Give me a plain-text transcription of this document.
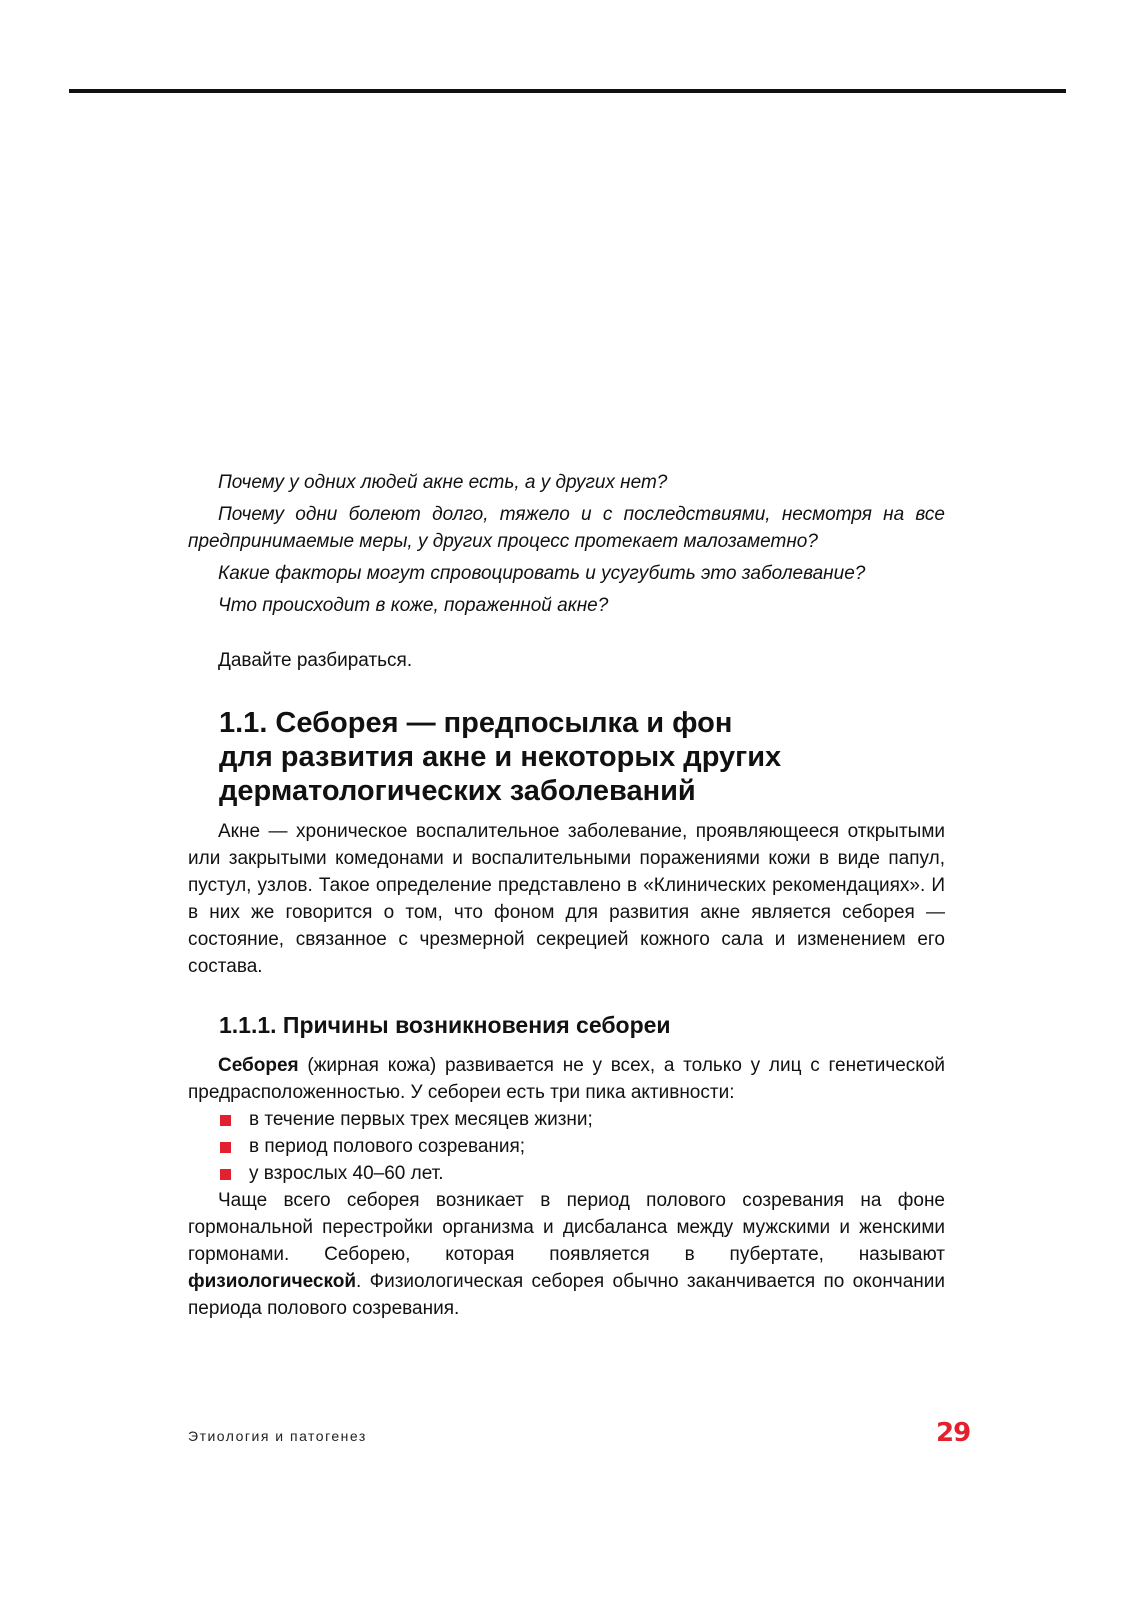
Почему у одних людей акне есть, а у других нет?
Почему одни болеют долго, тяжело и с последствиями, несмотря на все предпринимаемые меры, у других процесс протекает малозаметно?
Какие факторы могут спровоцировать и усугубить это заболевание?
Что происходит в коже, пораженной акне?
Давайте разбираться.
1.1. Себорея — предпосылка и фон
для развития акне и некоторых других
дерматологических заболеваний
Акне — хроническое воспалительное заболевание, проявляющееся открытыми или закрытыми комедонами и воспалительными поражениями кожи в виде папул, пустул, узлов. Такое определение представлено в «Клинических рекомендациях». И в них же говорится о том, что фоном для развития акне является себорея — состояние, связанное с чрезмерной секрецией кожного сала и изменением его состава.
1.1.1. Причины возникновения себореи
Себорея (жирная кожа) развивается не у всех, а только у лиц с генетической предрасположенностью. У себореи есть три пика активности:
в течение первых трех месяцев жизни;
в период полового созревания;
у взрослых 40–60 лет.
Чаще всего себорея возникает в период полового созревания на фоне гормональной перестройки организма и дисбаланса между мужскими и женскими гормонами. Себорею, которая появляется в пубертате, называют физиологической. Физиологическая себорея обычно заканчивается по окончании периода полового созревания.
Этиология и патогенез	29
